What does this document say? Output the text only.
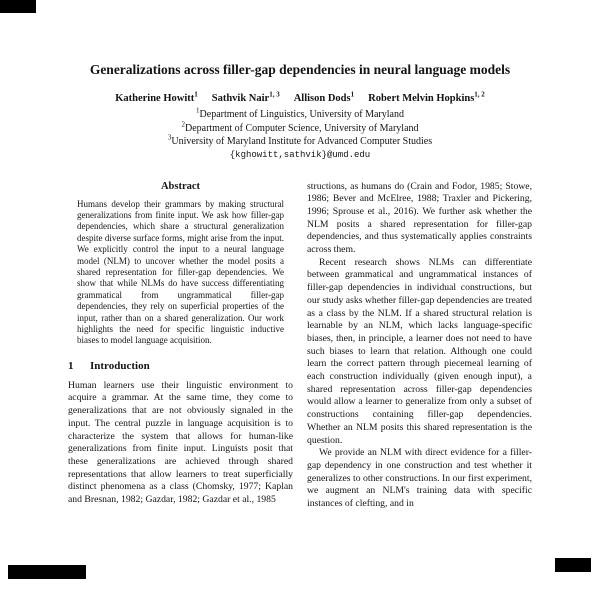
Generalizations across filler-gap dependencies in neural language models
Katherine Howitt$^1$ Sathvik Nair$^{1, 3}$ Allison Dods$^1$ Robert Melvin Hopkins$^{1, 2}$
$^1$Department of Linguistics, University of Maryland
$^2$Department of Computer Science, University of Maryland
$^3$University of Maryland Institute for Advanced Computer Studies
{kghowitt,sathvik}@umd.edu
Abstract

Humans develop their grammars by making structural generalizations from finite input. We ask how filler-gap dependencies, which share a structural generalization despite diverse surface forms, might arise from the input. We explicitly control the input to a neural language model (NLM) to uncover whether the model posits a shared representation for filler-gap dependencies. We show that while NLMs do have success differentiating grammatical from ungrammatical filler-gap dependencies, they rely on superficial properties of the input, rather than on a shared generalization. Our work highlights the need for specific linguistic inductive biases to model language acquisition.

1 Introduction

Human learners use their linguistic environment to acquire a grammar. At the same time, they come to generalizations that are not obviously signaled in the input. The central puzzle in language acquisition is to characterize the system that allows for human-like generalizations from finite input. Linguists posit that these generalizations are achieved through shared representations that allow learners to treat superficially distinct phenomena as a class (Chomsky, 1977; Kaplan and Bresnan, 1982; Gazdar, 1982; Gazdar et al., 1985

structions, as humans do (Crain and Fodor, 1985; Stowe, 1986; Bever and McElree, 1988; Traxler and Pickering, 1996; Sprouse et al., 2016). We further ask whether the NLM posits a shared representation for filler-gap dependencies, and thus systematically applies constraints across them.

Recent research shows NLMs can differentiate between grammatical and ungrammatical instances of filler-gap dependencies in individual constructions, but our study asks whether filler-gap dependencies are treated as a class by the NLM. If a shared structural relation is learnable by an NLM, which lacks language-specific biases, then, in principle, a learner does not need to have such biases to learn that relation. Although one could learn the correct pattern through piecemeal learning of each construction individually (given enough input), a shared representation across filler-gap dependencies would allow a learner to generalize from only a subset of constructions containing filler-gap dependencies. Whether an NLM posits this shared representation is the question.

We provide an NLM with direct evidence for a filler-gap dependency in one construction and test whether it generalizes to other constructions. In our first experiment, we augment an NLM's training data with specific instances of clefting, and in
